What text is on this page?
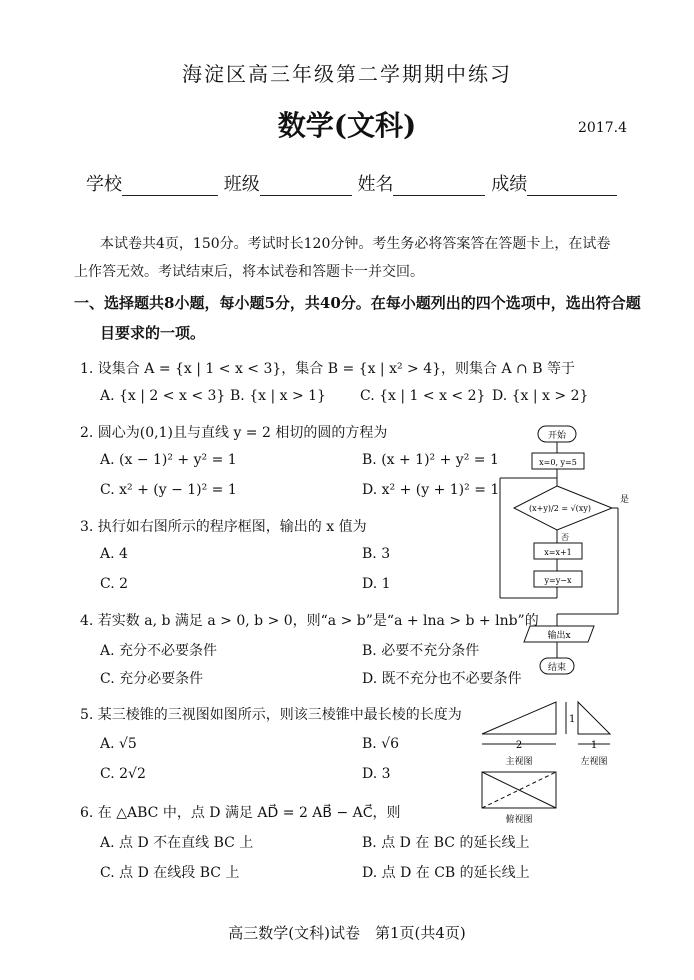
海淀区高三年级第二学期期中练习
数学(文科)	2017.4
学校	班级	姓名	成绩
本试卷共4页，150分。考试时长120分钟。考生务必将答案答在答题卡上，在试卷
上作答无效。考试结束后，将本试卷和答题卡一并交回。
一、选择题共8小题，每小题5分，共40分。在每小题列出的四个选项中，选出符合题
目要求的一项。
1. 设集合 A = {x | 1 < x < 3}，集合 B = {x | x² > 4}，则集合 A ∩ B 等于
A. {x | 2 < x < 3} B. {x | x > 1} C. {x | 1 < x < 2} D. {x | x > 2}
2. 圆心为(0,1)且与直线 y = 2 相切的圆的方程为
A. (x − 1)² + y² = 1	B. (x + 1)² + y² = 1
C. x² + (y − 1)² = 1	D. x² + (y + 1)² = 1
3. 执行如右图所示的程序框图，输出的 x 值为
A. 4	B. 3
C. 2	D. 1
4. 若实数 a, b 满足 a > 0, b > 0，则“a > b”是“a + lna > b + lnb”的
A. 充分不必要条件	B. 必要不充分条件
C. 充分必要条件	D. 既不充分也不必要条件
5. 某三棱锥的三视图如图所示，则该三棱锥中最长棱的长度为
A. √5	B. √6
C. 2√2	D. 3
6. 在 △ABC 中，点 D 满足 AD⃗ = 2 AB⃗ − AC⃗，则
A. 点 D 不在直线 BC 上	B. 点 D 在 BC 的延长线上
C. 点 D 在线段 BC 上	D. 点 D 在 CB 的延长线上
开始
x=0, y=5
(x+y)/2 = √(xy)
是
否
x=x+1
y=y−x
输出x
结束
2	1
1
主视图	左视图
俯视图
高三数学(文科)试卷　第1页(共4页)
